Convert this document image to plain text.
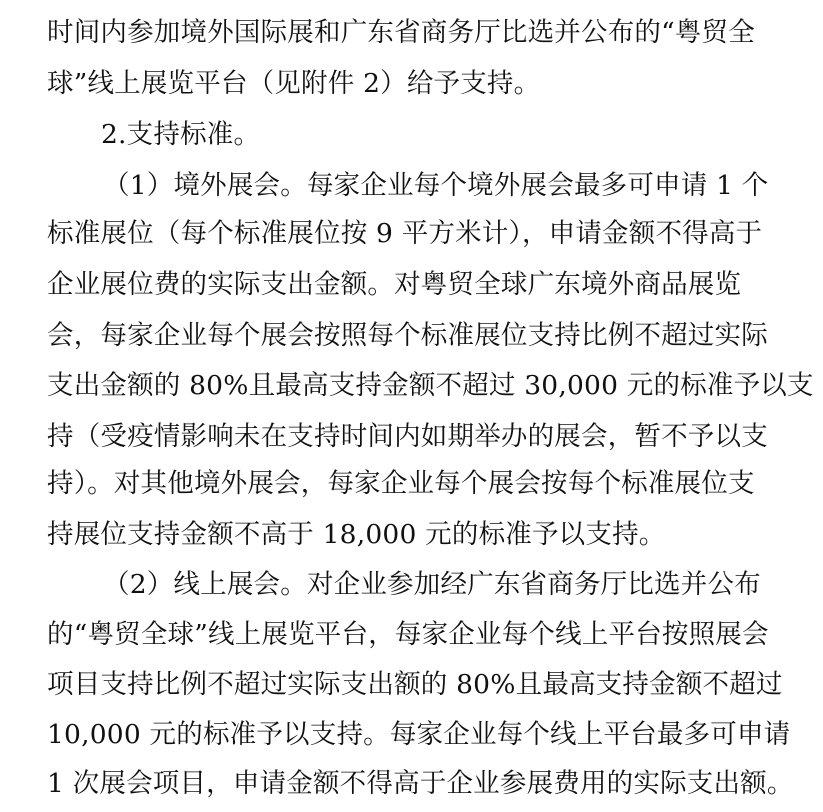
时间内参加境外国际展和广东省商务厅比选并公布的“粤贸全
球”线上展览平台（见附件 2）给予支持。
2.支持标准。
（1）境外展会。每家企业每个境外展会最多可申请 1 个
标准展位（每个标准展位按 9 平方米计），申请金额不得高于
企业展位费的实际支出金额。对粤贸全球广东境外商品展览
会，每家企业每个展会按照每个标准展位支持比例不超过实际
支出金额的 80%且最高支持金额不超过 30,000 元的标准予以支
持（受疫情影响未在支持时间内如期举办的展会，暂不予以支
持）。对其他境外展会，每家企业每个展会按每个标准展位支
持展位支持金额不高于 18,000 元的标准予以支持。
（2）线上展会。对企业参加经广东省商务厅比选并公布
的“粤贸全球”线上展览平台，每家企业每个线上平台按照展会
项目支持比例不超过实际支出额的 80%且最高支持金额不超过
10,000 元的标准予以支持。每家企业每个线上平台最多可申请
1 次展会项目，申请金额不得高于企业参展费用的实际支出额。
